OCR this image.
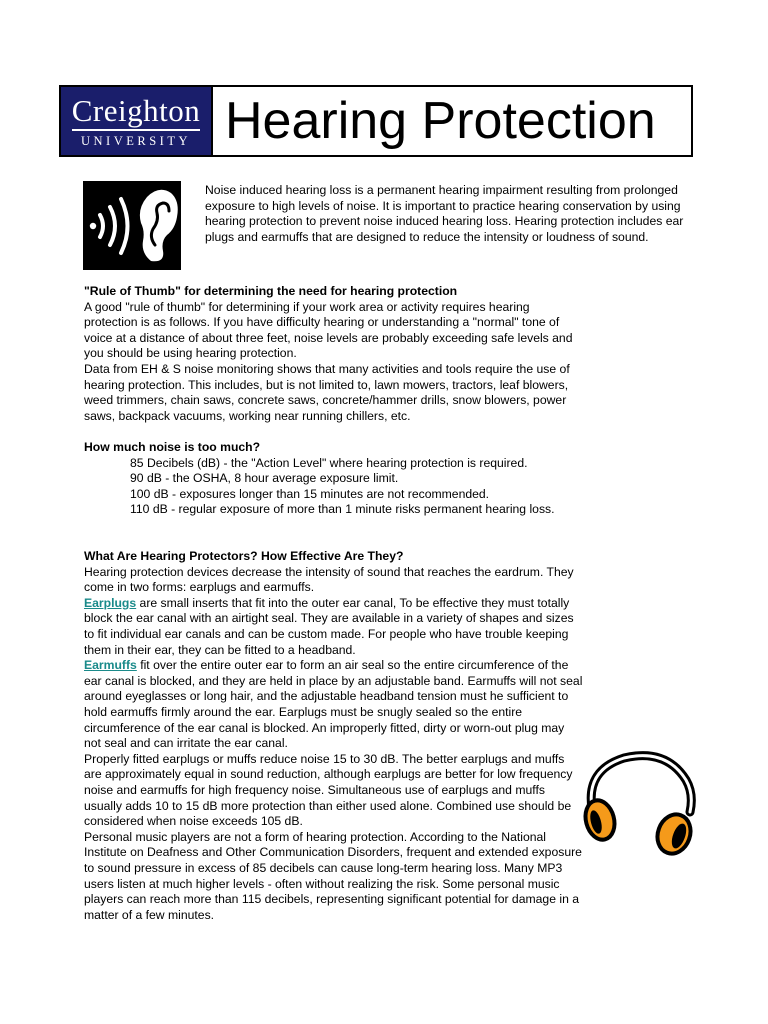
Creighton
UNIVERSITY Hearing Protection

Noise induced hearing loss is a permanent hearing impairment resulting from prolonged exposure to high levels of noise. It is important to practice hearing conservation by using hearing protection to prevent noise induced hearing loss. Hearing protection includes ear plugs and earmuffs that are designed to reduce the intensity or loudness of sound.

"Rule of Thumb" for determining the need for hearing protection

A good "rule of thumb" for determining if your work area or activity requires hearing protection is as follows. If you have difficulty hearing or understanding a "normal" tone of voice at a distance of about three feet, noise levels are probably exceeding safe levels and you should be using hearing protection.

Data from EH & S noise monitoring shows that many activities and tools require the use of hearing protection. This includes, but is not limited to, lawn mowers, tractors, leaf blowers, weed trimmers, chain saws, concrete saws, concrete/hammer drills, snow blowers, power saws, backpack vacuums, working near running chillers, etc.

How much noise is too much?

85 Decibels (dB) - the "Action Level" where hearing protection is required.

90 dB - the OSHA, 8 hour average exposure limit.

100 dB - exposures longer than 15 minutes are not recommended.

110 dB - regular exposure of more than 1 minute risks permanent hearing loss.

What Are Hearing Protectors? How Effective Are They?

Hearing protection devices decrease the intensity of sound that reaches the eardrum. They come in two forms: earplugs and earmuffs.

Earplugs are small inserts that fit into the outer ear canal, To be effective they must totally block the ear canal with an airtight seal. They are available in a variety of shapes and sizes to fit individual ear canals and can be custom made. For people who have trouble keeping them in their ear, they can be fitted to a headband.

Earmuffs fit over the entire outer ear to form an air seal so the entire circumference of the ear canal is blocked, and they are held in place by an adjustable band. Earmuffs will not seal around eyeglasses or long hair, and the adjustable headband tension must he sufficient to hold earmuffs firmly around the ear. Earplugs must be snugly sealed so the entire circumference of the ear canal is blocked. An improperly fitted, dirty or worn-out plug may not seal and can irritate the ear canal.

Properly fitted earplugs or muffs reduce noise 15 to 30 dB. The better earplugs and muffs are approximately equal in sound reduction, although earplugs are better for low frequency noise and earmuffs for high frequency noise. Simultaneous use of earplugs and muffs usually adds 10 to 15 dB more protection than either used alone. Combined use should be considered when noise exceeds 105 dB.

Personal music players are not a form of hearing protection. According to the National Institute on Deafness and Other Communication Disorders, frequent and extended exposure to sound pressure in excess of 85 decibels can cause long-term hearing loss. Many MP3 users listen at much higher levels - often without realizing the risk. Some personal music players can reach more than 115 decibels, representing significant potential for damage in a matter of a few minutes.
